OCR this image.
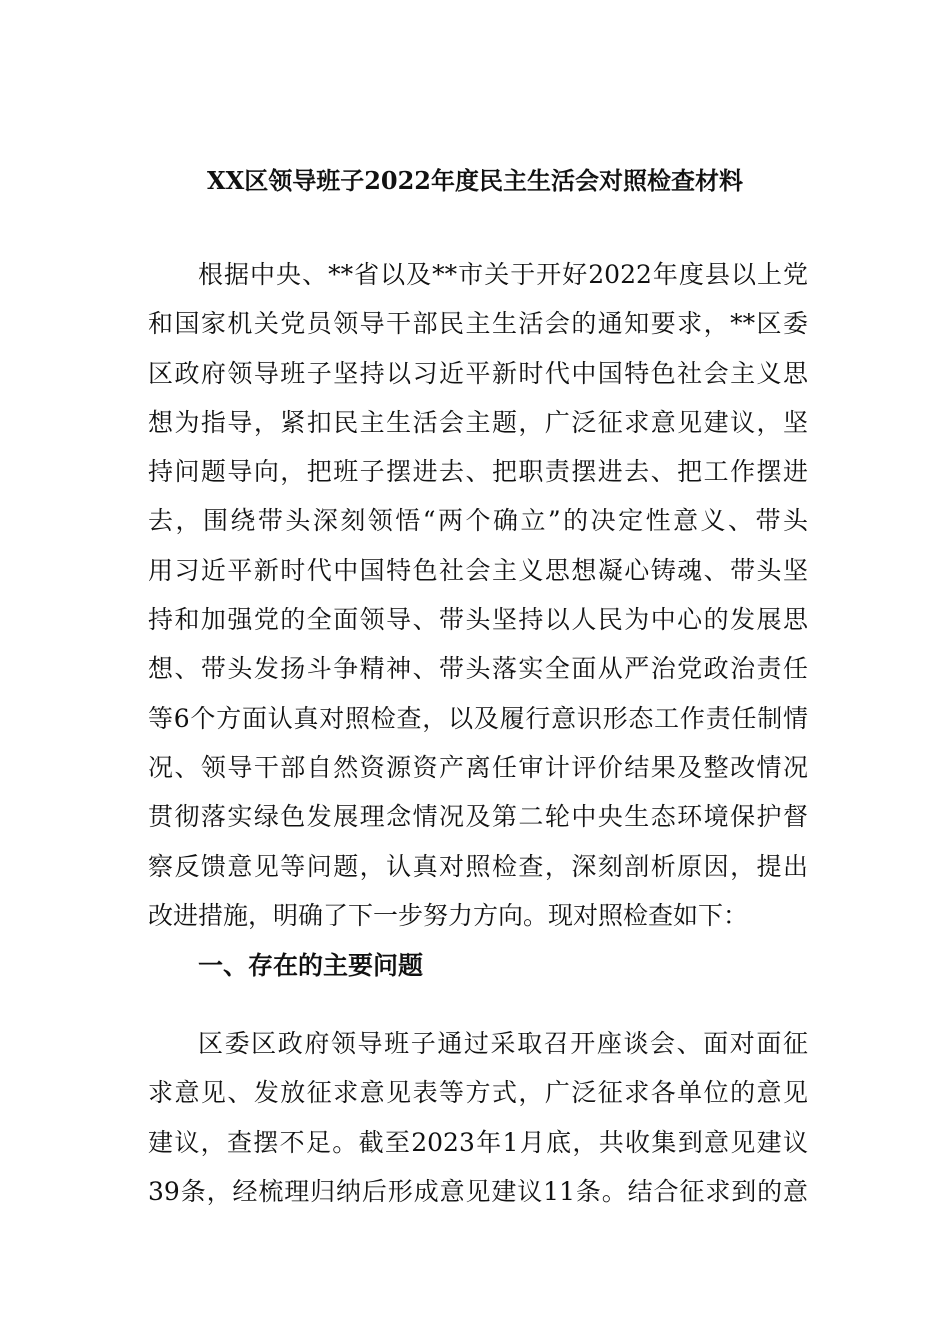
XX区领导班子2022年度民主生活会对照检查材料
根据中央、**省以及**市关于开好2022年度县以上党
和国家机关党员领导干部民主生活会的通知要求，**区委
区政府领导班子坚持以习近平新时代中国特色社会主义思
想为指导，紧扣民主生活会主题，广泛征求意见建议，坚
持问题导向，把班子摆进去、把职责摆进去、把工作摆进
去，围绕带头深刻领悟“两个确立”的决定性意义、带头
用习近平新时代中国特色社会主义思想凝心铸魂、带头坚
持和加强党的全面领导、带头坚持以人民为中心的发展思
想、带头发扬斗争精神、带头落实全面从严治党政治责任
等6个方面认真对照检查，以及履行意识形态工作责任制情
况、领导干部自然资源资产离任审计评价结果及整改情况
贯彻落实绿色发展理念情况及第二轮中央生态环境保护督
察反馈意见等问题，认真对照检查，深刻剖析原因，提出
改进措施，明确了下一步努力方向。现对照检查如下：
一、存在的主要问题
区委区政府领导班子通过采取召开座谈会、面对面征
求意见、发放征求意见表等方式，广泛征求各单位的意见
建议，查摆不足。截至2023年1月底，共收集到意见建议
39条，经梳理归纳后形成意见建议11条。结合征求到的意
